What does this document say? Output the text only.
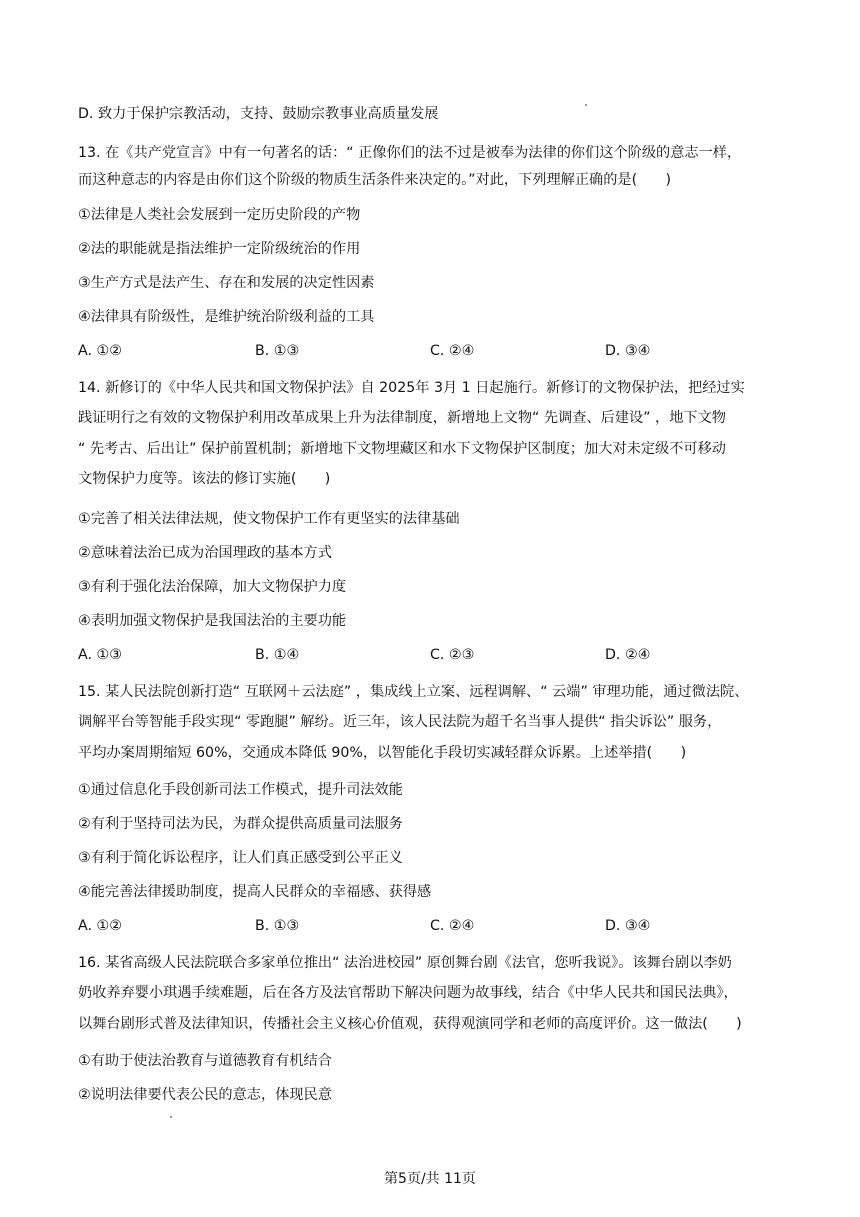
D. 致力于保护宗教活动，支持、鼓励宗教事业高质量发展
13. 在《共产党宣言》中有一句著名的话：“ 正像你们的法不过是被奉为法律的你们这个阶级的意志一样，
而这种意志的内容是由你们这个阶级的物质生活条件来决定的。”对此，下列理解正确的是(　　)
①法律是人类社会发展到一定历史阶段的产物
②法的职能就是指法维护一定阶级统治的作用
③生产方式是法产生、存在和发展的决定性因素
④法律具有阶级性，是维护统治阶级利益的工具
A. ①②	B. ①③	C. ②④	D. ③④
14. 新修订的《中华人民共和国文物保护法》自 2025年 3月 1 日起施行。新修订的文物保护法，把经过实
践证明行之有效的文物保护利用改革成果上升为法律制度，新增地上文物“ 先调查、后建设” ，地下文物
“ 先考古、后出让” 保护前置机制；新增地下文物埋藏区和水下文物保护区制度；加大对未定级不可移动
文物保护力度等。该法的修订实施(　　)
①完善了相关法律法规，使文物保护工作有更坚实的法律基础
②意味着法治已成为治国理政的基本方式
③有利于强化法治保障，加大文物保护力度
④表明加强文物保护是我国法治的主要功能
A. ①③	B. ①④	C. ②③	D. ②④
15. 某人民法院创新打造“ 互联网＋云法庭” ，集成线上立案、远程调解、“ 云端” 审理功能，通过微法院、
调解平台等智能手段实现“ 零跑腿” 解纷。近三年，该人民法院为超千名当事人提供“ 指尖诉讼” 服务，
平均办案周期缩短 60%，交通成本降低 90%，以智能化手段切实减轻群众诉累。上述举措(　　)
①通过信息化手段创新司法工作模式，提升司法效能
②有利于坚持司法为民，为群众提供高质量司法服务
③有利于简化诉讼程序，让人们真正感受到公平正义
④能完善法律援助制度，提高人民群众的幸福感、获得感
A. ①②	B. ①③	C. ②④	D. ③④
16. 某省高级人民法院联合多家单位推出“ 法治进校园” 原创舞台剧《法官，您听我说》。该舞台剧以李奶
奶收养弃婴小琪遇手续难题，后在各方及法官帮助下解决问题为故事线，结合《中华人民共和国民法典》，
以舞台剧形式普及法律知识，传播社会主义核心价值观，获得观演同学和老师的高度评价。这一做法(　　)
①有助于使法治教育与道德教育有机结合
②说明法律要代表公民的意志，体现民意
第5页/共 11页
